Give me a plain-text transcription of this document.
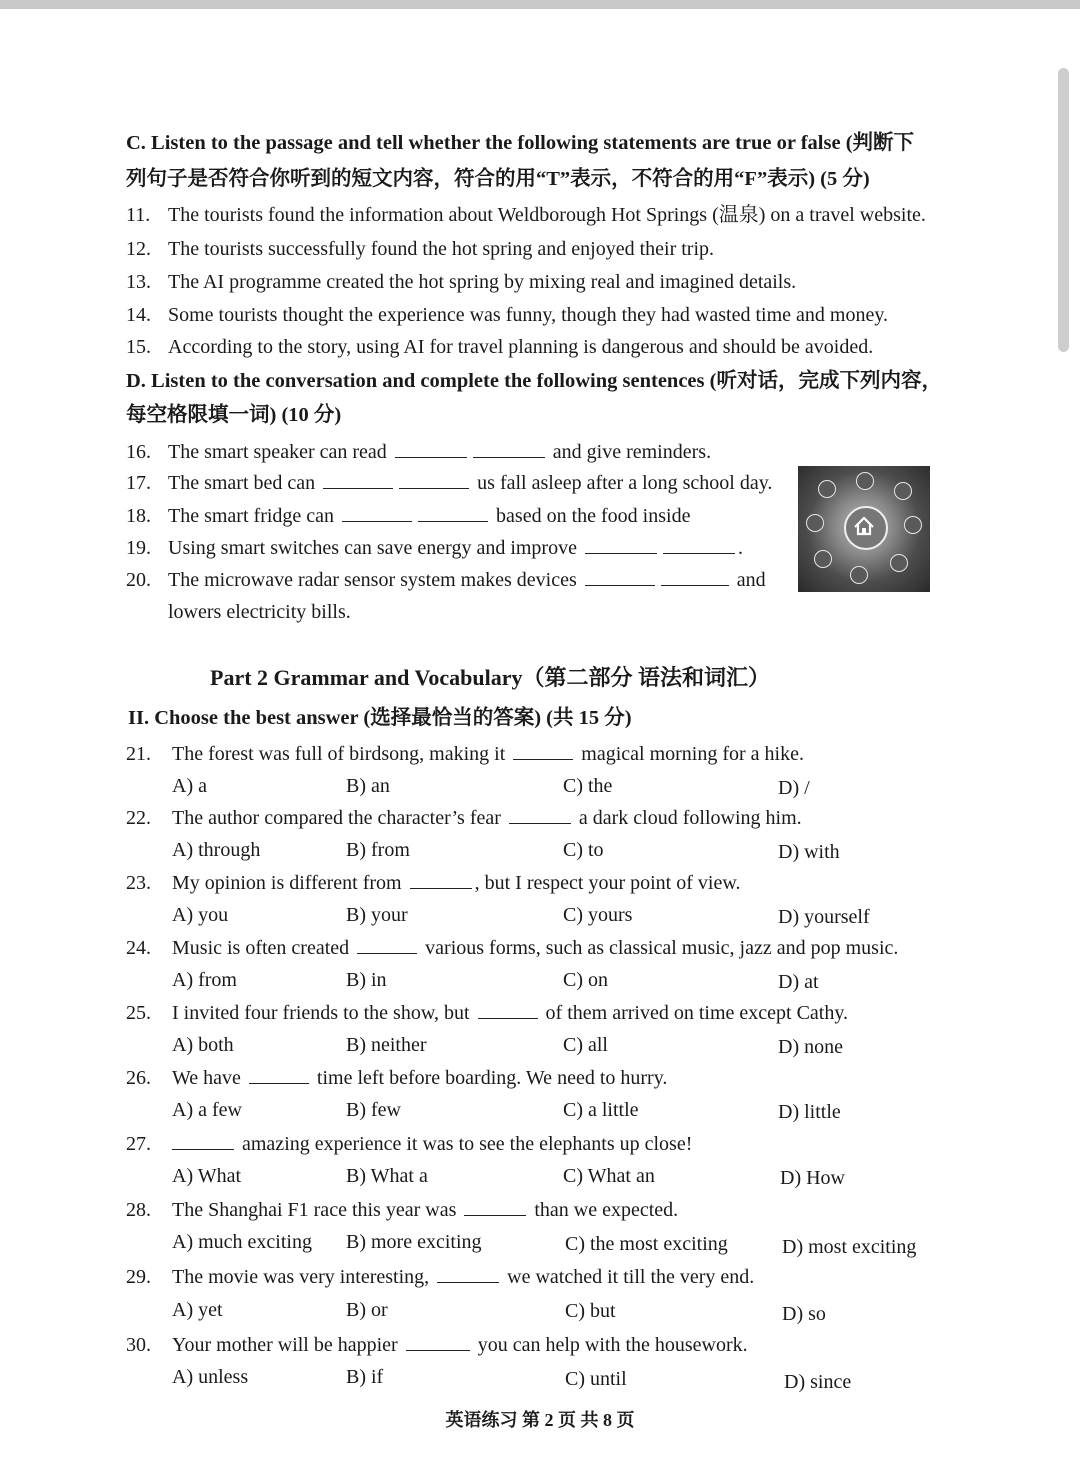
C. Listen to the passage and tell whether the following statements are true or false (判断下
列句子是否符合你听到的短文内容，符合的用“T”表示，不符合的用“F”表示) (5 分)
11. The tourists found the information about Weldborough Hot Springs (温泉) on a travel website.
12. The tourists successfully found the hot spring and enjoyed their trip.
13. The AI programme created the hot spring by mixing real and imagined details.
14. Some tourists thought the experience was funny, though they had wasted time and money.
15. According to the story, using AI for travel planning is dangerous and should be avoided.
D. Listen to the conversation and complete the following sentences (听对话，完成下列内容，
每空格限填一词) (10 分)
16. The smart speaker can read	and give reminders.
17. The smart bed can	us fall asleep after a long school day.
18. The smart fridge can	based on the food inside
19. Using smart switches can save energy and improve	.
20. The microwave radar sensor system makes devices	and
lowers electricity bills.
Part 2 Grammar and Vocabulary（第二部分 语法和词汇）
II. Choose the best answer (选择最恰当的答案) (共 15 分)
21.	The forest was full of birdsong, making it	magical morning for a hike.
A) a	B) an	C) the	D) /
22.	The author compared the character’s fear	a dark cloud following him.
A) through	B) from	C) to	D) with
23.	My opinion is different from	, but I respect your point of view.
A) you	B) your	C) yours	D) yourself
24.	Music is often created	various forms, such as classical music, jazz and pop music.
A) from	B) in	C) on	D) at
25.	I invited four friends to the show, but	of them arrived on time except Cathy.
A) both	B) neither	C) all	D) none
26.	We have	time left before boarding. We need to hurry.
A) a few	B) few	C) a little	D) little
27.	amazing experience it was to see the elephants up close!
A) What	B) What a	C) What an	D) How
28.	The Shanghai F1 race this year was	than we expected.
A) much exciting B) more exciting	C) the most exciting	D) most exciting
29.	The movie was very interesting,	we watched it till the very end.
A) yet	B) or	C) but	D) so
30.	Your mother will be happier	you can help with the housework.
A) unless	B) if	C) until	D) since
英语练习 第 2 页 共 8 页
